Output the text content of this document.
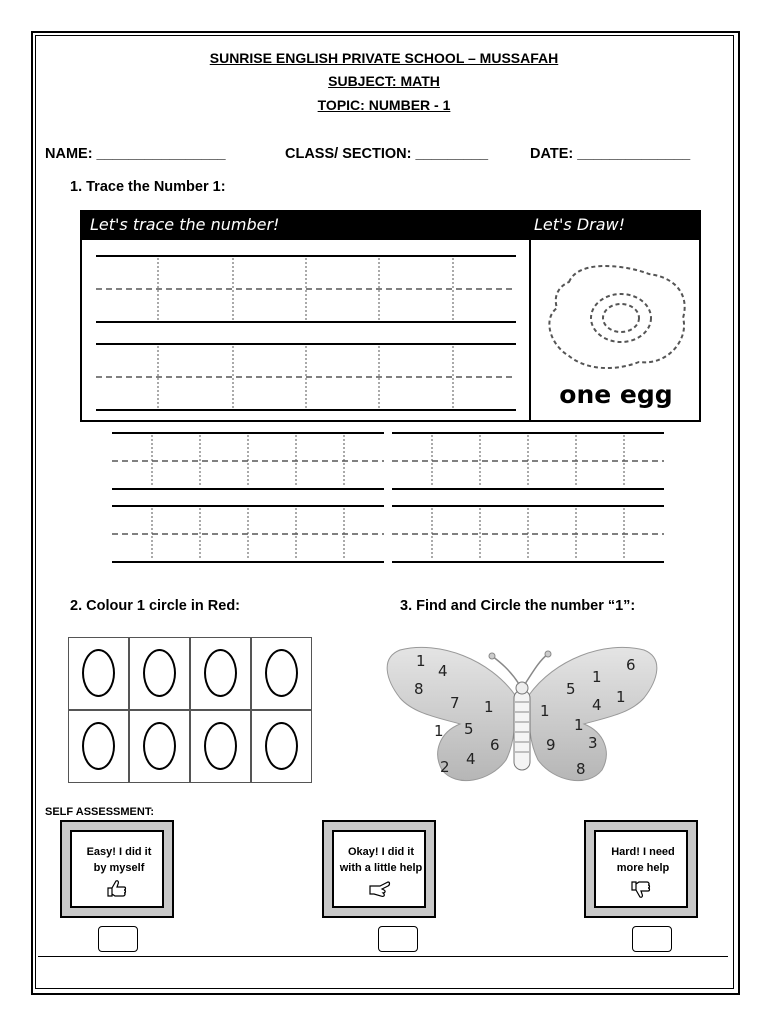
SUNRISE ENGLISH PRIVATE SCHOOL – MUSSAFAH
SUBJECT: MATH
TOPIC: NUMBER - 1
NAME: ________________	CLASS/ SECTION: _________	DATE: ______________
1. Trace the Number 1:
Let's trace the number!	Let's Draw!
one egg
2. Colour 1 circle in Red:	3. Find and Circle the number “1”:
1
4
8
7 1
1 5
6
2 4
6
1
5
4 1
1
1
9 3
8
SELF ASSESSMENT:
Easy! I did it
by myself
Okay! I did it
with a little help
Hard! I need
more help
